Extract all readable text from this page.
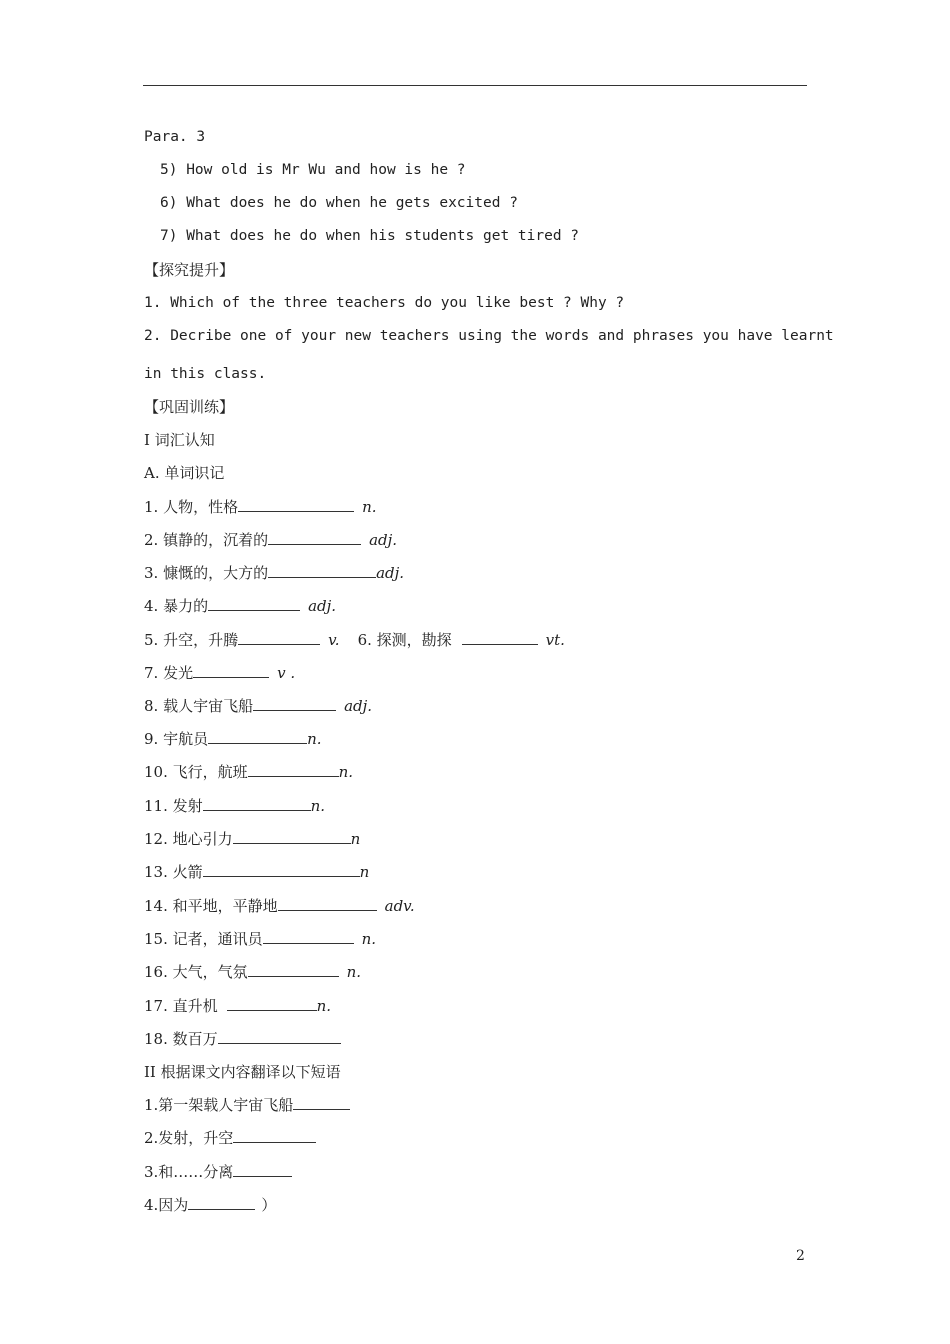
Para. 3
5) How old is Mr Wu and how is he ?
6) What does he do when he gets excited ?
7) What does he do when his students get tired ?
【探究提升】
1. Which of the three teachers do you like best ? Why ?
2. Decribe one of your new teachers using the words and phrases you have learnt
in this class.
【巩固训练】
I 词汇认知
A. 单词识记
1. 人物，性格	n.
2. 镇静的，沉着的	adj.
3. 慷慨的，大方的	adj.
4. 暴力的	adj.
5. 升空，升腾	v. 6. 探测，勘探	vt.
7. 发光	v .
8. 载人宇宙飞船	adj.
9. 宇航员	n.
10. 飞行，航班	n.
11. 发射	n.
12. 地心引力	n
13. 火箭	n
14. 和平地，平静地	adv.
15. 记者，通讯员	n.
16. 大气，气氛	n.
17. 直升机	n.
18. 数百万
II 根据课文内容翻译以下短语
1.第一架载人宇宙飞船
2.发射，升空
3.和……分离
4.因为	）
2
